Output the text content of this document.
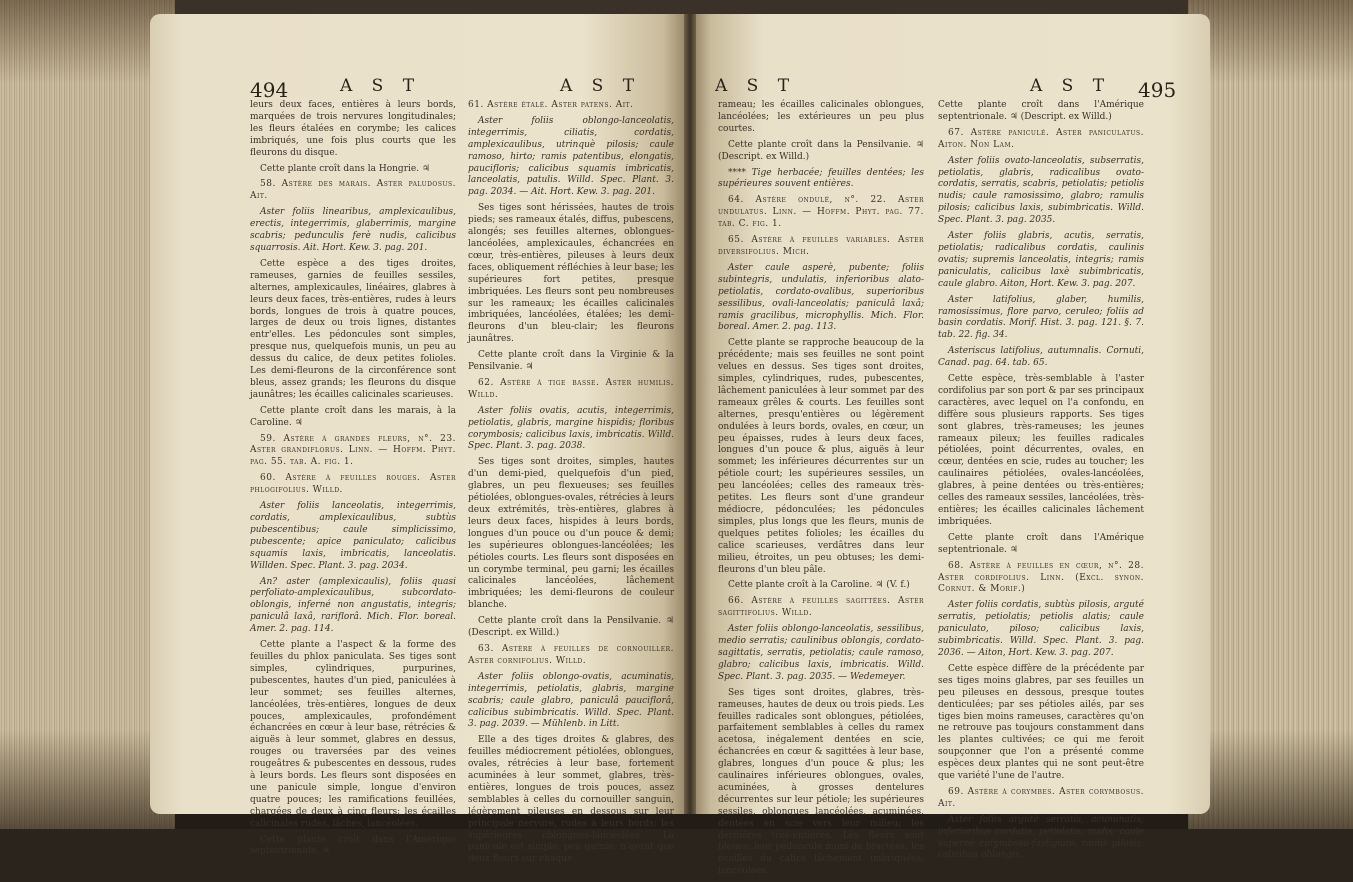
494	A S T	A S T

leurs deux faces, entières à leurs bords, marquées de trois nervures longitudinales; les fleurs étalées en corymbe; les calices imbriqués, une fois plus courts que les fleurons du disque.

Cette plante croît dans la Hongrie. ♃

58. Astère des marais. Aster paludosus. Ait.

Aster foliis linearibus, amplexicaulibus, erectis, integerrimis, glaberrimis, margine scabris; pedunculis ferè nudis, calicibus squarrosis. Ait. Hort. Kew. 3. pag. 201.

Cette espèce a des tiges droites, rameuses, garnies de feuilles sessiles, alternes, amplexicaules, linéaires, glabres à leurs deux faces, très-entières, rudes à leurs bords, longues de trois à quatre pouces, larges de deux ou trois lignes, distantes entr'elles. Les pédoncules sont simples, presque nus, quelquefois munis, un peu au dessus du calice, de deux petites folioles. Les demi-fleurons de la circonférence sont bleus, assez grands; les fleurons du disque jaunâtres; les écailles calicinales scarieuses.

Cette plante croît dans les marais, à la Caroline. ♃

59. Astère à grandes fleurs, n°. 23. Aster grandiflorus. Linn. — Hoffm. Phyt. pag. 55. tab. A. fig. 1.

60. Astère à feuilles rouges. Aster phlogifolius. Willd.

Aster foliis lanceolatis, integerrimis, cordatis, amplexicaulibus, subtùs pubescentibus; caule simplicissimo, pubescente; apice paniculato; calicibus squamis laxis, imbricatis, lanceolatis. Willden. Spec. Plant. 3. pag. 2034.

An? aster (amplexicaulis), foliis quasi perfoliato-amplexicaulibus, subcordato-oblongis, inferné non angustatis, integris; paniculâ laxâ, rariflorâ. Mich. Flor. boreal. Amer. 2. pag. 114.

Cette plante a l'aspect & la forme des feuilles du phlox paniculata. Ses tiges sont simples, cylindriques, purpurines, pubescentes, hautes d'un pied, paniculées à leur sommet; ses feuilles alternes, lancéolées, très-entières, longues de deux pouces, amplexicaules, profondément échancrées en cœur à leur base, rétrécies & aiguës à leur sommet, glabres en dessus, rouges ou traversées par des veines rougeâtres & pubescentes en dessous, rudes à leurs bords. Les fleurs sont disposées en une panicule simple, longue d'environ quatre pouces; les ramifications feuillées, chargées de deux à cinq fleurs; les écailles calicinales rudes, lâches, lancéolées.

Cette plante croît dans l'Amérique septentrionale. ♃

61. Astère étalé. Aster patens. Ait.

Aster foliis oblongo-lanceolatis, integerrimis, ciliatis, cordatis, amplexicaulibus, utrinquè pilosis; caule ramoso, hirto; ramis patentibus, elongatis, paucifloris; calicibus squamis imbricatis, lanceolatis, patulis. Willd. Spec. Plant. 3. pag. 2034. — Ait. Hort. Kew. 3. pag. 201.

Ses tiges sont hérissées, hautes de trois pieds; ses rameaux étalés, diffus, pubescens, alongés; ses feuilles alternes, oblongues-lancéolées, amplexicaules, échancrées en cœur, très-entières, pileuses à leurs deux faces, obliquement réfléchies à leur base; les supérieures fort petites, presque imbriquées. Les fleurs sont peu nombreuses sur les rameaux; les écailles calicinales imbriquées, lancéolées, étalées; les demi-fleurons d'un bleu-clair; les fleurons jaunâtres.

Cette plante croît dans la Virginie & la Pensilvanie. ♃

62. Astère à tige basse. Aster humilis. Willd.

Aster foliis ovatis, acutis, integerrimis, petiolatis, glabris, margine hispidis; floribus corymbosis; calicibus laxis, imbricatis. Willd. Spec. Plant. 3. pag. 2038.

Ses tiges sont droites, simples, hautes d'un demi-pied, quelquefois d'un pied, glabres, un peu flexueuses; ses feuilles pétiolées, oblongues-ovales, rétrécies à leurs deux extrémités, très-entières, glabres à leurs deux faces, hispides à leurs bords, longues d'un pouce ou d'un pouce & demi; les supérieures oblongues-lancéolées; les pétioles courts. Les fleurs sont disposées en un corymbe terminal, peu garni; les écailles calicinales lancéolées, lâchement imbriquées; les demi-fleurons de couleur blanche.

Cette plante croît dans la Pensilvanie. ♃ (Descript. ex Willd.)

63. Astère à feuilles de cornouiller. Aster cornifolius. Willd.

Aster foliis oblongo-ovatis, acuminatis, integerrimis, petiolatis, glabris, margine scabris; caule glabro, paniculâ pauciflorâ, calicibus subimbricatis. Willd. Spec. Plant. 3. pag. 2039. — Mühlenb. in Litt.

Elle a des tiges droites & glabres, des feuilles médiocrement pétiolées, oblongues, ovales, rétrécies à leur base, fortement acuminées à leur sommet, glabres, très-entières, longues de trois pouces, assez semblables à celles du cornouiller sanguin, légèrement pileuses en dessous sur leur principale nervure, rudes à leurs bords; les supérieures oblongues-lancéolées. La panicule est simple, peu garnie, n'ayant que deux fleurs sur chaque

A S T	A S T 495

rameau; les écailles calicinales oblongues, lancéolées; les extérieures un peu plus courtes.

Cette plante croît dans la Pensilvanie. ♃ (Descript. ex Willd.)

**** Tige herbacée; feuilles dentées; les supérieures souvent entières.

64. Astère ondulé, n°. 22. Aster undulatus. Linn. — Hoffm. Phyt. pag. 77. tab. C. fig. 1.

65. Astère à feuilles variables. Aster diversifolius. Mich.

Aster caule asperè, pubente; foliis subintegris, undulatis, inferioribus alato-petiolatis, cordato-ovalibus, superioribus sessilibus, ovali-lanceolatis; paniculâ laxâ; ramis gracilibus, microphyllis. Mich. Flor. boreal. Amer. 2. pag. 113.

Cette plante se rapproche beaucoup de la précédente; mais ses feuilles ne sont point velues en dessus. Ses tiges sont droites, simples, cylindriques, rudes, pubescentes, lâchement paniculées à leur sommet par des rameaux grêles & courts. Les feuilles sont alternes, presqu'entières ou légèrement ondulées à leurs bords, ovales, en cœur, un peu épaisses, rudes à leurs deux faces, longues d'un pouce & plus, aiguës à leur sommet; les inférieures décurrentes sur un pétiole court; les supérieures sessiles, un peu lancéolées; celles des rameaux très-petites. Les fleurs sont d'une grandeur médiocre, pédonculées; les pédoncules simples, plus longs que les fleurs, munis de quelques petites folioles; les écailles du calice scarieuses, verdâtres dans leur milieu, étroites, un peu obtuses; les demi-fleurons d'un bleu pâle.

Cette plante croît à la Caroline. ♃ (V. f.)

66. Astère à feuilles sagittées. Aster sagittifolius. Willd.

Aster foliis oblongo-lanceolatis, sessilibus, medio serratis; caulinibus oblongis, cordato-sagittatis, serratis, petiolatis; caule ramoso, glabro; calicibus laxis, imbricatis. Willd. Spec. Plant. 3. pag. 2035. — Wedemeyer.

Ses tiges sont droites, glabres, très-rameuses, hautes de deux ou trois pieds. Les feuilles radicales sont oblongues, pétiolées, parfaitement semblables à celles du ramex acetosa, inégalement dentées en scie, échancrées en cœur & sagittées à leur base, glabres, longues d'un pouce & plus; les caulinaires inférieures oblongues, ovales, acuminées, à grosses dentelures décurrentes sur leur pétiole; les supérieures sessiles, oblongues lancéolées, acuminées, dentées en scie vers leur milieu; les dernières très-entières. Les fleurs sont bleues; leur pédoncule muni de bractées; les écailles du calice lâchement imbriquées, lancéolées.

Cette plante croît dans l'Amérique septentrionale. ♃ (Descript. ex Willd.)

67. Astère paniculé. Aster paniculatus. Aiton. Non Lam.

Aster foliis ovato-lanceolatis, subserratis, petiolatis, glabris, radicalibus ovato-cordatis, serratis, scabris, petiolatis; petiolis nudis; caule ramosissimo, glabro; ramulis pilosis; calicibus laxis, subimbricatis. Willd. Spec. Plant. 3. pag. 2035.

Aster foliis glabris, acutis, serratis, petiolatis; radicalibus cordatis, caulinis ovatis; supremis lanceolatis, integris; ramis paniculatis, calicibus laxè subimbricatis, caule glabro. Aiton, Hort. Kew. 3. pag. 207.

Aster latifolius, glaber, humilis, ramosissimus, flore parvo, ceruleo; foliis ad basin cordatis. Morif. Hist. 3. pag. 121. §. 7. tab. 22. fig. 34.

Asteriscus latifolius, autumnalis. Cornuti, Canad. pag. 64. tab. 65.

Cette espèce, très-semblable à l'aster cordifolius par son port & par ses principaux caractères, avec lequel on l'a confondu, en diffère sous plusieurs rapports. Ses tiges sont glabres, très-rameuses; les jeunes rameaux pileux; les feuilles radicales pétiolées, point décurrentes, ovales, en cœur, dentées en scie, rudes au toucher; les caulinaires pétiolées, ovales-lancéolées, glabres, à peine dentées ou très-entières; celles des rameaux sessiles, lancéolées, très-entières; les écailles calicinales lâchement imbriquées.

Cette plante croît dans l'Amérique septentrionale. ♃

68. Astère à feuilles en cœur, n°. 28. Aster cordifolius. Linn. (Excl. synon. Cornut. & Morif.)

Aster foliis cordatis, subtùs pilosis, arguté serratis, petiolatis; petiolis alatis; caule paniculato, piloso; calicibus laxis, subimbricatis. Willd. Spec. Plant. 3. pag. 2036. — Aiton, Hort. Kew. 3. pag. 207.

Cette espèce diffère de la précédente par ses tiges moins glabres, par ses feuilles un peu pileuses en dessous, presque toutes denticulées; par ses pétioles ailés, par ses tiges bien moins rameuses, caractères qu'on ne retrouve pas toujours constamment dans les plantes cultivées; ce qui me feroit soupçonner que l'on a présenté comme espèces deux plantes qui ne sont peut-être que variété l'une de l'autre.

69. Astère à corymbes. Aster corymbosus. Ait.

Aster foliis argutè serratis, acuminatis; inferioribus cordatis, petiolatis, nudis; caule supernè corymboso-fastigiato, ramis pilosis; calicibus oblongis,
